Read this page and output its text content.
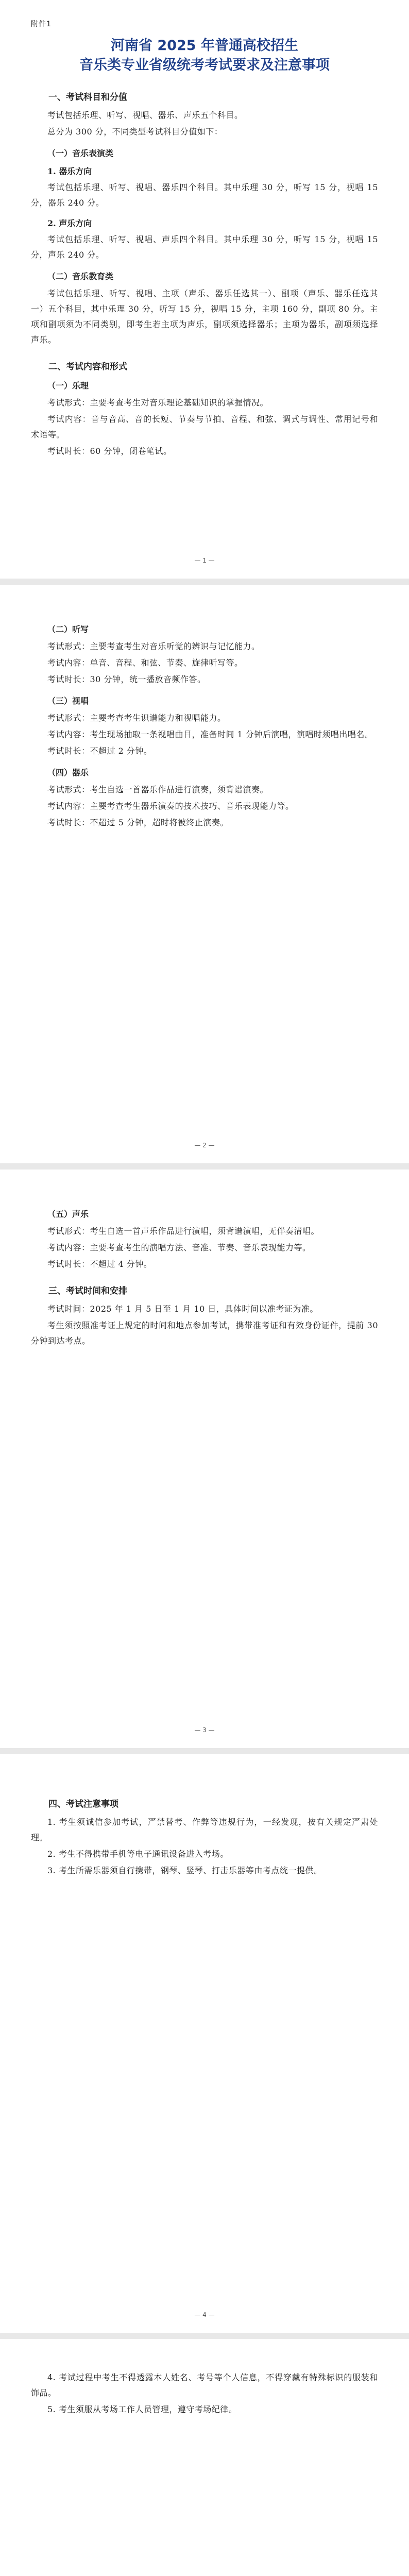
附件1
河南省 2025 年普通高校招生
音乐类专业省级统考考试要求及注意事项
一、考试科目和分值

考试包括乐理、听写、视唱、器乐、声乐五个科目。

总分为 300 分，不同类型考试科目分值如下：

（一）音乐表演类
1. 器乐方向

考试包括乐理、听写、视唱、器乐四个科目。其中乐理 30 分，听写 15 分，视唱 15 分，器乐 240 分。

2. 声乐方向

考试包括乐理、听写、视唱、声乐四个科目。其中乐理 30 分，听写 15 分，视唱 15 分，声乐 240 分。

（二）音乐教育类

考试包括乐理、听写、视唱、主项（声乐、器乐任选其一）、副项（声乐、器乐任选其一）五个科目，其中乐理 30 分，听写 15 分，视唱 15 分，主项 160 分，副项 80 分。主项和副项须为不同类别，即考生若主项为声乐，副项须选择器乐；主项为器乐，副项须选择声乐。

二、考试内容和形式
（一）乐理

考试形式：主要考查考生对音乐理论基础知识的掌握情况。

考试内容：音与音高、音的长短、节奏与节拍、音程、和弦、调式与调性、常用记号和术语等。

考试时长：60 分钟，闭卷笔试。

— 1 —
（二）听写

考试形式：主要考查考生对音乐听觉的辨识与记忆能力。

考试内容：单音、音程、和弦、节奏、旋律听写等。

考试时长：30 分钟，统一播放音频作答。

（三）视唱

考试形式：主要考查考生识谱能力和视唱能力。

考试内容：考生现场抽取一条视唱曲目，准备时间 1 分钟后演唱，演唱时须唱出唱名。

考试时长：不超过 2 分钟。

（四）器乐

考试形式：考生自选一首器乐作品进行演奏，须背谱演奏。

考试内容：主要考查考生器乐演奏的技术技巧、音乐表现能力等。

考试时长：不超过 5 分钟，超时将被终止演奏。

— 2 —
（五）声乐

考试形式：考生自选一首声乐作品进行演唱，须背谱演唱，无伴奏清唱。

考试内容：主要考查考生的演唱方法、音准、节奏、音乐表现能力等。

考试时长：不超过 4 分钟。

三、考试时间和安排

考试时间：2025 年 1 月 5 日至 1 月 10 日，具体时间以准考证为准。

考生须按照准考证上规定的时间和地点参加考试，携带准考证和有效身份证件，提前 30 分钟到达考点。

— 3 —
四、考试注意事项

1. 考生须诚信参加考试，严禁替考、作弊等违规行为，一经发现，按有关规定严肃处理。

2. 考生不得携带手机等电子通讯设备进入考场。

3. 考生所需乐器须自行携带，钢琴、竖琴、打击乐器等由考点统一提供。

— 4 —

4. 考试过程中考生不得透露本人姓名、考号等个人信息，不得穿戴有特殊标识的服装和饰品。

5. 考生须服从考场工作人员管理，遵守考场纪律。
